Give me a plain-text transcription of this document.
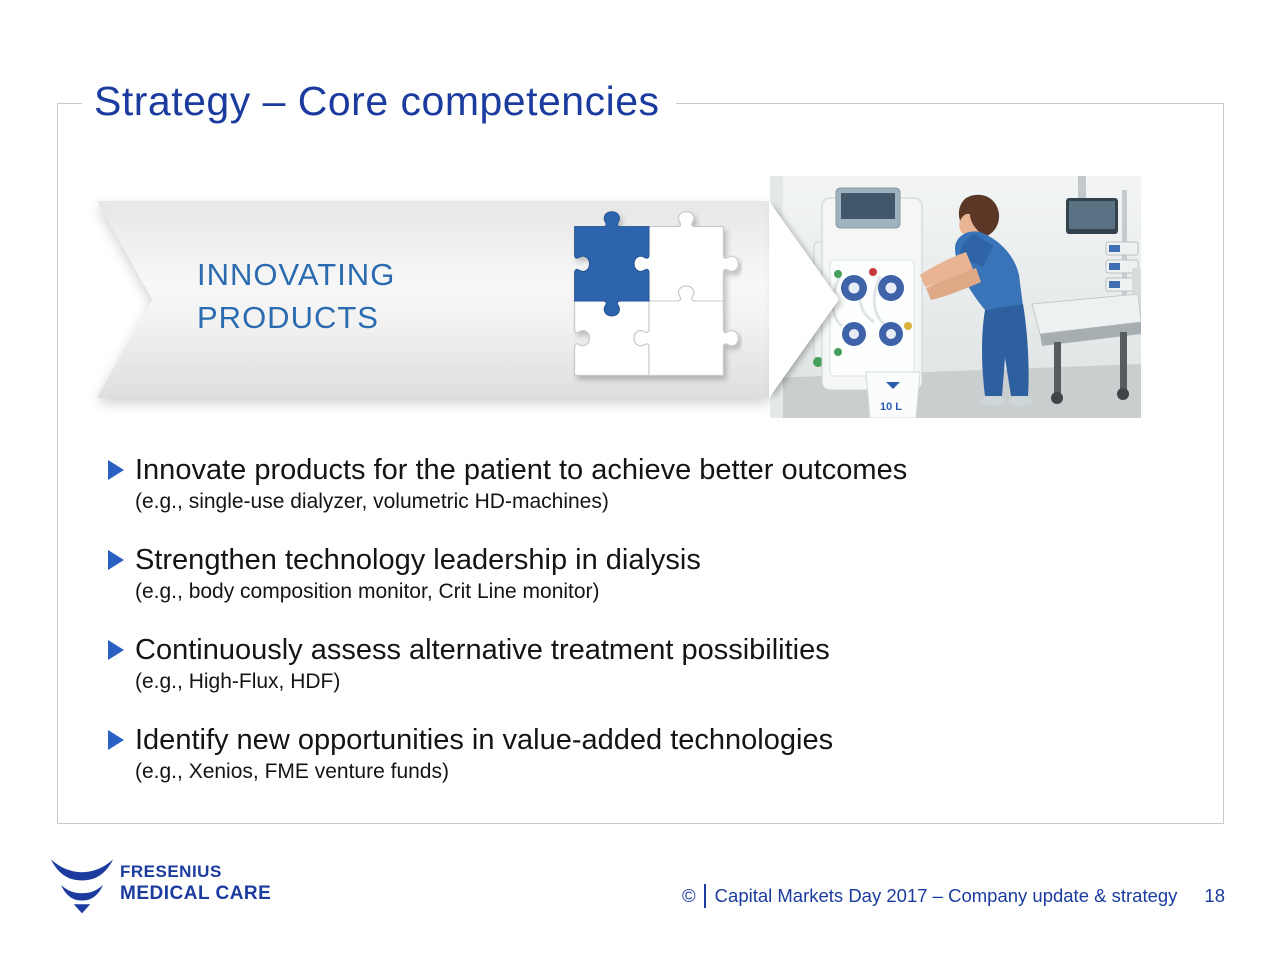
Strategy – Core competencies
INNOVATING
PRODUCTS
10 L
Innovate products for the patient to achieve better outcomes
(e.g., single-use dialyzer, volumetric HD-machines)
Strengthen technology leadership in dialysis
(e.g., body composition monitor, Crit Line monitor)
Continuously assess alternative treatment possibilities
(e.g., High-Flux, HDF)
Identify new opportunities in value-added technologies
(e.g., Xenios, FME venture funds)
FRESENIUS
MEDICAL CARE	© Capital Markets Day 2017 – Company update & strategy 18
